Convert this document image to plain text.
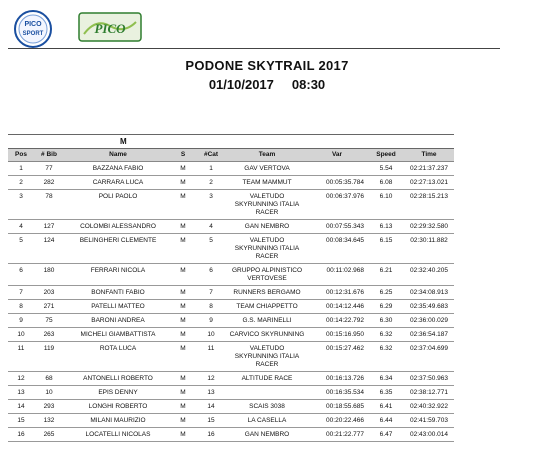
PICO
SPORT	PICO
PODONE SKYTRAIL 2017
01/10/2017 08:30
M
Pos	# Bib	Name	S	#Cat	Team	Var	Speed	Time
1	77	BAZZANA FABIO	M	1	GAV VERTOVA		5.54	02:21:37.237
2	282	CARRARA LUCA	M	2	TEAM MAMMUT	00:05:35.784	6.08	02:27:13.021
3	78	POLI PAOLO	M	3	VALETUDO SKYRUNNING ITALIA RACER	00:06:37.976	6.10	02:28:15.213
4	127	COLOMBI ALESSANDRO	M	4	GAN NEMBRO	00:07:55.343	6.13	02:29:32.580
5	124	BELINGHERI CLEMENTE	M	5	VALETUDO SKYRUNNING ITALIA RACER	00:08:34.645	6.15	02:30:11.882
6	180	FERRARI NICOLA	M	6	GRUPPO ALPINISTICO VERTOVESE	00:11:02.968	6.21	02:32:40.205
7	203	BONFANTI FABIO	M	7	RUNNERS BERGAMO	00:12:31.676	6.25	02:34:08.913
8	271	PATELLI MATTEO	M	8	TEAM CHIAPPETTO	00:14:12.446	6.29	02:35:49.683
9	75	BARONI ANDREA	M	9	G.S. MARINELLI	00:14:22.792	6.30	02:36:00.029
10	263	MICHELI GIAMBATTISTA	M	10	CARVICO SKYRUNNING	00:15:16.950	6.32	02:36:54.187
11	119	ROTA LUCA	M	11	VALETUDO SKYRUNNING ITALIA RACER	00:15:27.462	6.32	02:37:04.699
12	68	ANTONELLI ROBERTO	M	12	ALTITUDE RACE	00:16:13.726	6.34	02:37:50.963
13	10	EPIS DENNY	M	13		00:16:35.534	6.35	02:38:12.771
14	293	LONGHI ROBERTO	M	14	SCAIS 3038	00:18:55.685	6.41	02:40:32.922
15	132	MILANI MAURIZIO	M	15	LA CASELLA	00:20:22.466	6.44	02:41:59.703
16	265	LOCATELLI NICOLAS	M	16	GAN NEMBRO	00:21:22.777	6.47	02:43:00.014
